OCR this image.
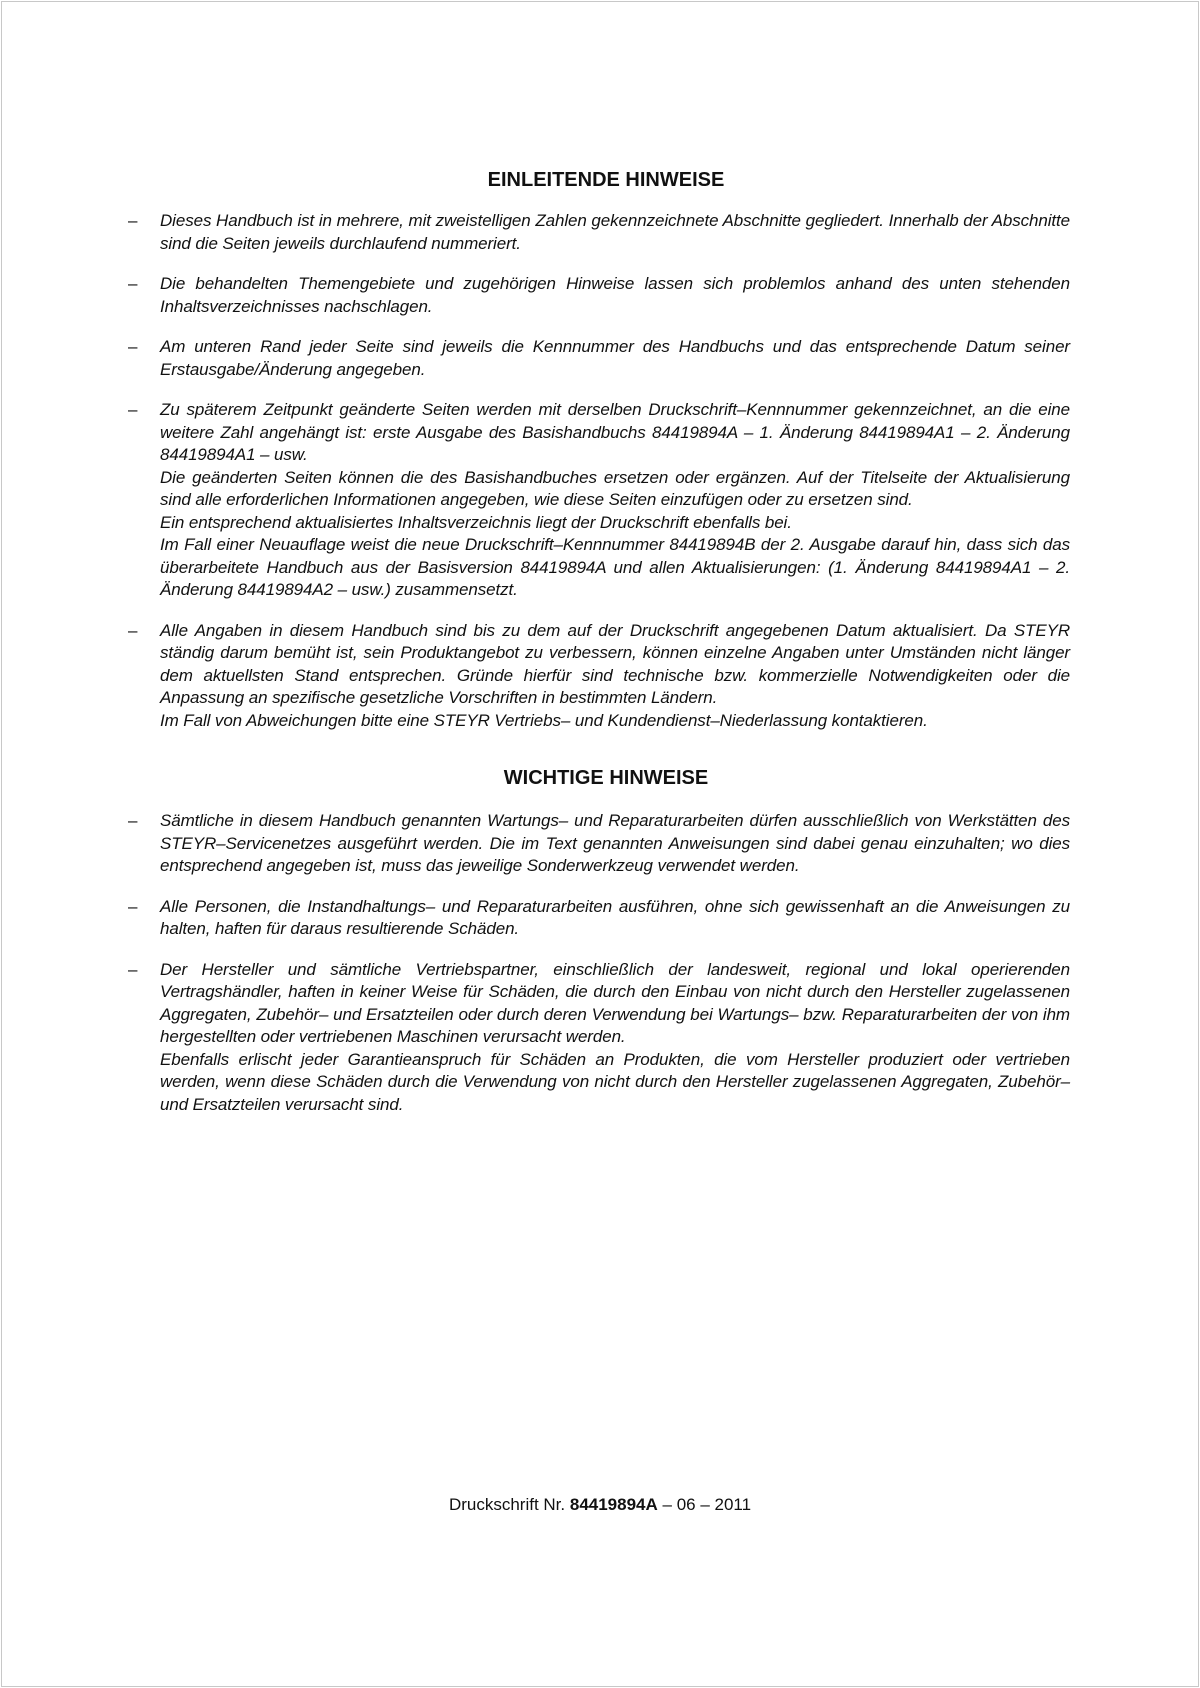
EINLEITENDE HINWEISE
–	Dieses Handbuch ist in mehrere, mit zweistelligen Zahlen gekennzeichnete Abschnitte gegliedert. Innerhalb der Abschnitte sind die Seiten jeweils durchlaufend nummeriert.

–	Die behandelten Themengebiete und zugehörigen Hinweise lassen sich problemlos anhand des unten stehenden Inhaltsverzeichnisses nachschlagen.

–	Am unteren Rand jeder Seite sind jeweils die Kennnummer des Handbuchs und das entsprechende Datum seiner Erstausgabe/Änderung angegeben.

–	Zu späterem Zeitpunkt geänderte Seiten werden mit derselben Druckschrift–Kennnummer gekennzeichnet, an die eine weitere Zahl angehängt ist: erste Ausgabe des Basishandbuchs 84419894A – 1. Änderung 84419894A1 – 2. Änderung 84419894A1 – usw.

Die geänderten Seiten können die des Basishandbuches ersetzen oder ergänzen. Auf der Titelseite der Aktualisierung sind alle erforderlichen Informationen angegeben, wie diese Seiten einzufügen oder zu ersetzen sind.

Ein entsprechend aktualisiertes Inhaltsverzeichnis liegt der Druckschrift ebenfalls bei.

Im Fall einer Neuauflage weist die neue Druckschrift–Kennnummer 84419894B der 2. Ausgabe darauf hin, dass sich das überarbeitete Handbuch aus der Basisversion 84419894A und allen Aktualisierungen: (1. Änderung 84419894A1 – 2. Änderung 84419894A2 – usw.) zusammensetzt.

–	Alle Angaben in diesem Handbuch sind bis zu dem auf der Druckschrift angegebenen Datum aktualisiert. Da STEYR ständig darum bemüht ist, sein Produktangebot zu verbessern, können einzelne Angaben unter Umständen nicht länger dem aktuellsten Stand entsprechen. Gründe hierfür sind technische bzw. kommerzielle Notwendigkeiten oder die Anpassung an spezifische gesetzliche Vorschriften in bestimmten Ländern.

Im Fall von Abweichungen bitte eine STEYR Vertriebs– und Kundendienst–Niederlassung kontaktieren.

WICHTIGE HINWEISE
–	Sämtliche in diesem Handbuch genannten Wartungs– und Reparaturarbeiten dürfen ausschließlich von Werkstätten des STEYR–Servicenetzes ausgeführt werden. Die im Text genannten Anweisungen sind dabei genau einzuhalten; wo dies entsprechend angegeben ist, muss das jeweilige Sonderwerkzeug verwendet werden.

–	Alle Personen, die Instandhaltungs– und Reparaturarbeiten ausführen, ohne sich gewissenhaft an die Anweisungen zu halten, haften für daraus resultierende Schäden.

–	Der Hersteller und sämtliche Vertriebspartner, einschließlich der landesweit, regional und lokal operierenden Vertragshändler, haften in keiner Weise für Schäden, die durch den Einbau von nicht durch den Hersteller zugelassenen Aggregaten, Zubehör– und Ersatzteilen oder durch deren Verwendung bei Wartungs– bzw. Reparaturarbeiten der von ihm hergestellten oder vertriebenen Maschinen verursacht werden.

Ebenfalls erlischt jeder Garantieanspruch für Schäden an Produkten, die vom Hersteller produziert oder vertrieben werden, wenn diese Schäden durch die Verwendung von nicht durch den Hersteller zugelassenen Aggregaten, Zubehör– und Ersatzteilen verursacht sind.

Druckschrift Nr. 84419894A – 06 – 2011
